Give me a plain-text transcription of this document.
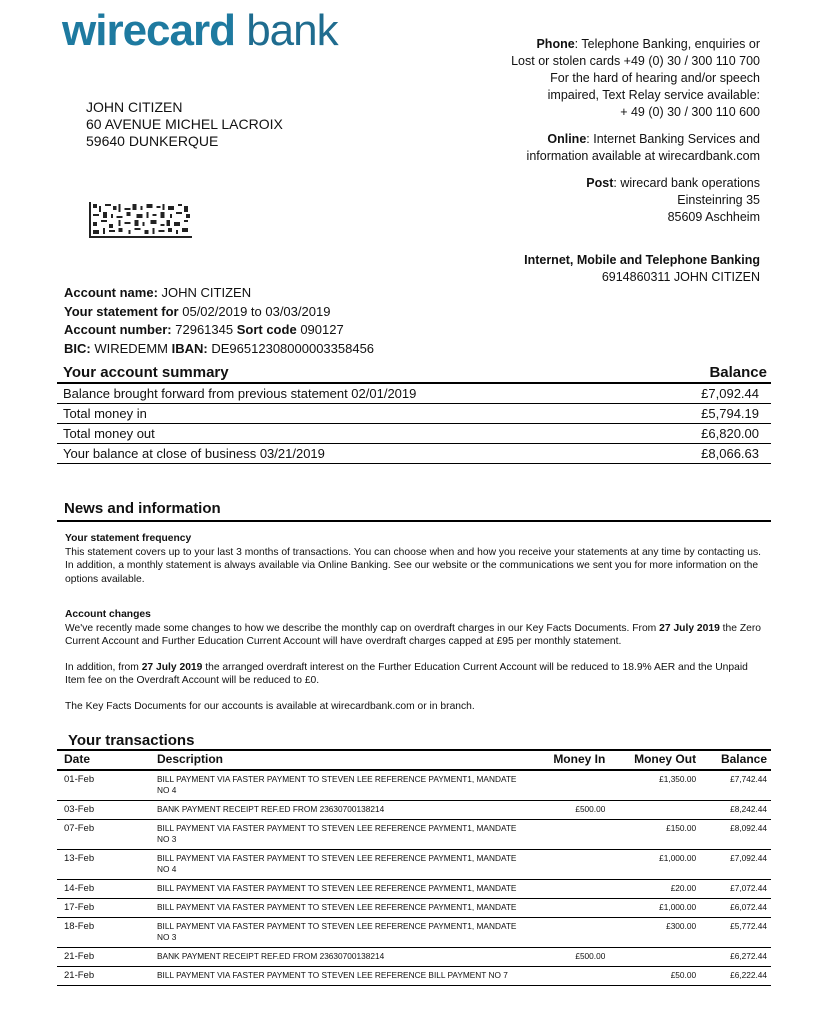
wirecard bank
JOHN CITIZEN
60 AVENUE MICHEL LACROIX
59640 DUNKERQUE

Phone: Telephone Banking, enquiries or

Lost or stolen cards +49 (0) 30 / 300 110 700

For the hard of hearing and/or speech

impaired, Text Relay service available:

+ 49 (0) 30 / 300 110 600

Online: Internet Banking Services and

information available at wirecardbank.com

Post: wirecard bank operations

Einsteinring 35

85609 Aschheim

Internet, Mobile and Telephone Banking

6914860311 JOHN CITIZEN

Account name: JOHN CITIZEN
Your statement for 05/02/2019 to 03/03/2019
Account number: 72961345 Sort code 090127
BIC: WIREDEMM IBAN: DE96512308000003358456
Your account summary	Balance
Balance brought forward from previous statement 02/01/2019	£7,092.44
Total money in	£5,794.19
Total money out	£6,820.00
Your balance at close of business 03/21/2019	£8,066.63
News and information

Your statement frequency

This statement covers up to your last 3 months of transactions. You can choose when and how you receive your statements at any time by contacting us. In addition, a monthly statement is always available via Online Banking. See our website or the communications we sent you for more information on the options available.

Account changes

We've recently made some changes to how we describe the monthly cap on overdraft charges in our Key Facts Documents. From 27 July 2019 the Zero Current Account and Further Education Current Account will have overdraft charges capped at £95 per monthly statement.

In addition, from 27 July 2019 the arranged overdraft interest on the Further Education Current Account will be reduced to 18.9% AER and the Unpaid Item fee on the Overdraft Account will be reduced to £0.

The Key Facts Documents for our accounts is available at wirecardbank.com or in branch.

Your transactions
Date	Description	Money In	Money Out	Balance
01-Feb	BILL PAYMENT VIA FASTER PAYMENT TO STEVEN LEE REFERENCE PAYMENT1, MANDATE NO 4		£1,350.00	£7,742.44
03-Feb	BANK PAYMENT RECEIPT REF.ED FROM 23630700138214	£500.00		£8,242.44
07-Feb	BILL PAYMENT VIA FASTER PAYMENT TO STEVEN LEE REFERENCE PAYMENT1, MANDATE NO 3		£150.00	£8,092.44
13-Feb	BILL PAYMENT VIA FASTER PAYMENT TO STEVEN LEE REFERENCE PAYMENT1, MANDATE NO 4		£1,000.00	£7,092.44
14-Feb	BILL PAYMENT VIA FASTER PAYMENT TO STEVEN LEE REFERENCE PAYMENT1, MANDATE		£20.00	£7,072.44
17-Feb	BILL PAYMENT VIA FASTER PAYMENT TO STEVEN LEE REFERENCE PAYMENT1, MANDATE		£1,000.00	£6,072.44
18-Feb	BILL PAYMENT VIA FASTER PAYMENT TO STEVEN LEE REFERENCE PAYMENT1, MANDATE NO 3		£300.00	£5,772.44
21-Feb	BANK PAYMENT RECEIPT REF.ED FROM 23630700138214	£500.00		£6,272.44
21-Feb	BILL PAYMENT VIA FASTER PAYMENT TO STEVEN LEE REFERENCE BILL PAYMENT NO 7		£50.00	£6,222.44
